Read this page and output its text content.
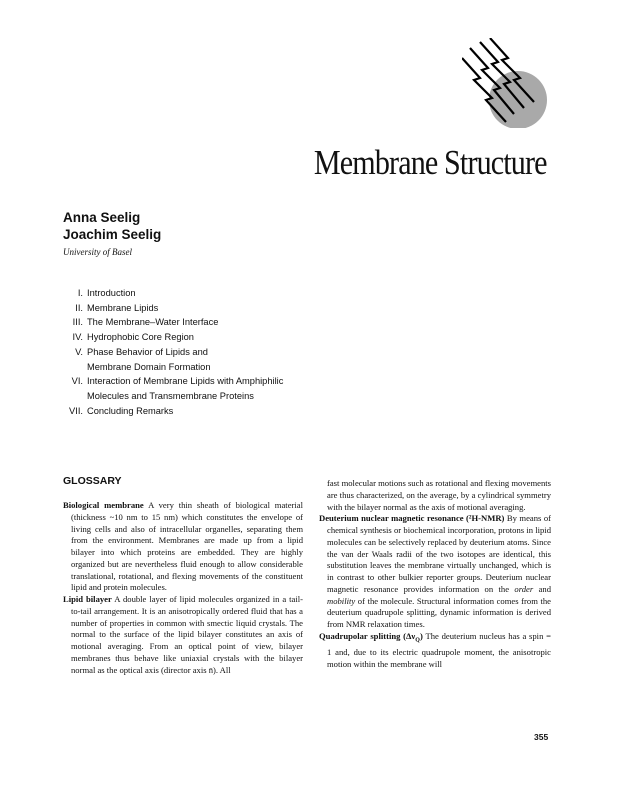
Membrane Structure
Anna Seelig
Joachim Seelig
University of Basel
I. Introduction
II. Membrane Lipids
III. The Membrane–Water Interface
IV. Hydrophobic Core Region
V. Phase Behavior of Lipids and Membrane Domain Formation
VI. Interaction of Membrane Lipids with Amphiphilic Molecules and Transmembrane Proteins
VII. Concluding Remarks
GLOSSARY
Biological membrane A very thin sheath of biological material (thickness ~10 nm to 15 nm) which constitutes the envelope of living cells and also of intracellular organelles, separating them from the environment. Membranes are made up from a lipid bilayer into which proteins are embedded. They are highly organized but are nevertheless fluid enough to allow considerable translational, rotational, and flexing movements of the constituent lipid and protein molecules.
Lipid bilayer A double layer of lipid molecules organized in a tail-to-tail arrangement. It is an anisotropically ordered fluid that has a number of properties in common with smectic liquid crystals. The normal to the surface of the lipid bilayer constitutes an axis of motional averaging. From an optical point of view, bilayer membranes thus behave like uniaxial crystals with the bilayer normal as the optical axis (director axis n̄). All
fast molecular motions such as rotational and flexing movements are thus characterized, on the average, by a cylindrical symmetry with the bilayer normal as the axis of motional averaging.
Deuterium nuclear magnetic resonance (²H-NMR) By means of chemical synthesis or biochemical incorporation, protons in lipid molecules can be selectively replaced by deuterium atoms. Since the van der Waals radii of the two isotopes are identical, this substitution leaves the membrane virtually unchanged, which is in contrast to other bulkier reporter groups. Deuterium nuclear magnetic resonance provides information on the order and mobility of the molecule. Structural information comes from the deuterium quadrupole splitting, dynamic information is derived from NMR relaxation times.
Quadrupolar splitting $(\Delta\nu_Q)$ The deuterium nucleus has a spin = 1 and, due to its electric quadrupole moment, the anisotropic motion within the membrane will
355
